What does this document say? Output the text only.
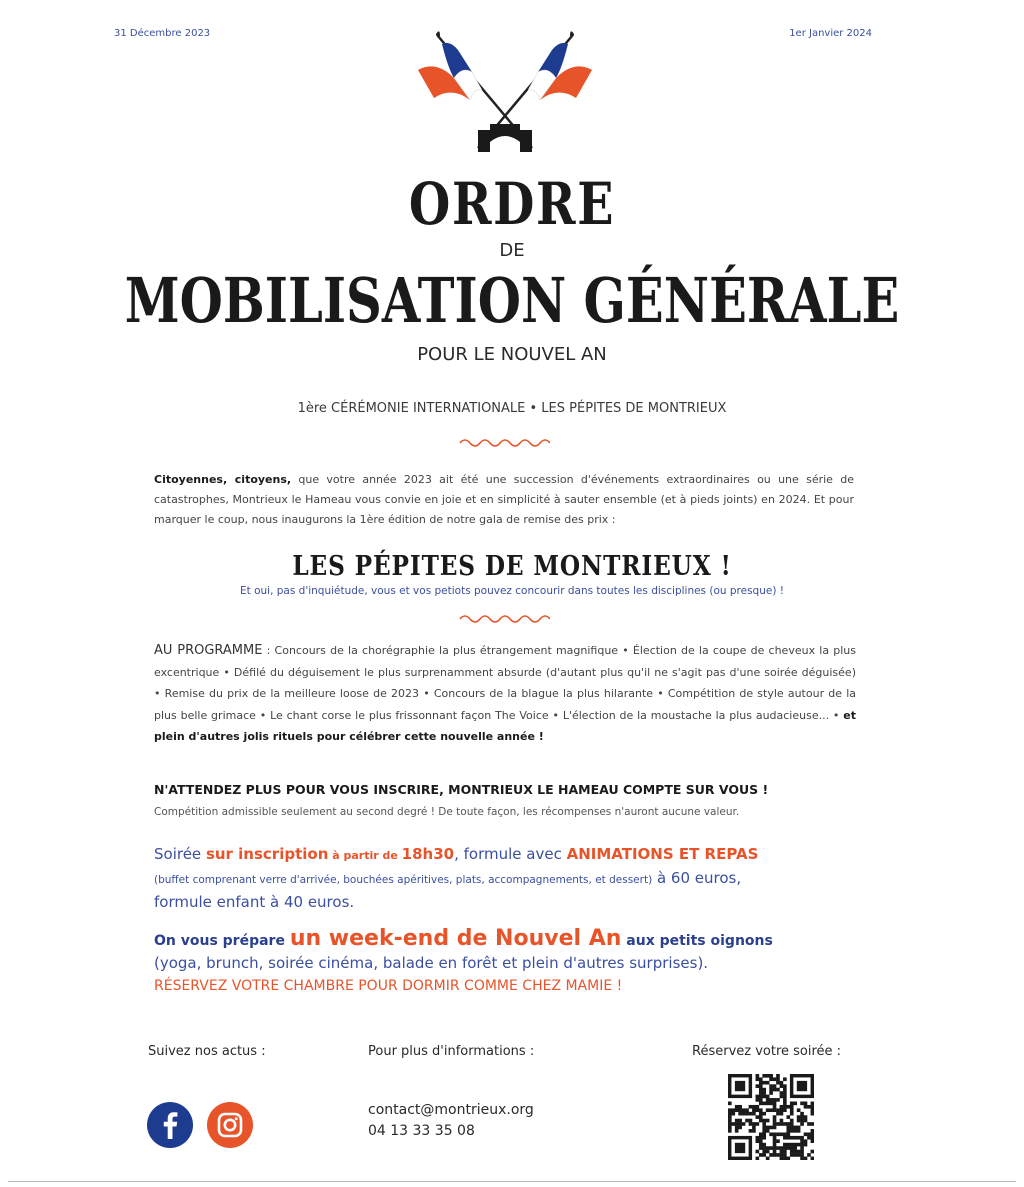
31 Décembre 2023	1er Janvier 2024
ORDRE
DE
MOBILISATION GÉNÉRALE
POUR LE NOUVEL AN
1ère CÉRÉMONIE INTERNATIONALE • LES PÉPITES DE MONTRIEUX
Citoyennes, citoyens, que votre année 2023 ait été une succession d'événements extraordinaires ou une série de catastrophes, Montrieux le Hameau vous convie en joie et en simplicité à sauter ensemble (et à pieds joints) en 2024. Et pour marquer le coup, nous inaugurons la 1ère édition de notre gala de remise des prix :
LES PÉPITES DE MONTRIEUX !
Et oui, pas d'inquiétude, vous et vos petiots pouvez concourir dans toutes les disciplines (ou presque) !
AU PROGRAMME : Concours de la chorégraphie la plus étrangement magnifique • Élection de la coupe de cheveux la plus excentrique • Défilé du déguisement le plus surprenamment absurde (d'autant plus qu'il ne s'agit pas d'une soirée déguisée) • Remise du prix de la meilleure loose de 2023 • Concours de la blague la plus hilarante • Compétition de style autour de la plus belle grimace • Le chant corse le plus frissonnant façon The Voice • L'élection de la moustache la plus audacieuse... • et plein d'autres jolis rituels pour célébrer cette nouvelle année !
N'ATTENDEZ PLUS POUR VOUS INSCRIRE, MONTRIEUX LE HAMEAU COMPTE SUR VOUS !
Compétition admissible seulement au second degré ! De toute façon, les récompenses n'auront aucune valeur.
Soirée sur inscription à partir de 18h30, formule avec ANIMATIONS ET REPAS
(buffet comprenant verre d'arrivée, bouchées apéritives, plats, accompagnements, et dessert) à 60 euros,
formule enfant à 40 euros.
On vous prépare un week-end de Nouvel An aux petits oignons
(yoga, brunch, soirée cinéma, balade en forêt et plein d'autres surprises).
RÉSERVEZ VOTRE CHAMBRE POUR DORMIR COMME CHEZ MAMIE !
Suivez nos actus :	Pour plus d'informations :	Réservez votre soirée :
contact@montrieux.org
04 13 33 35 08
